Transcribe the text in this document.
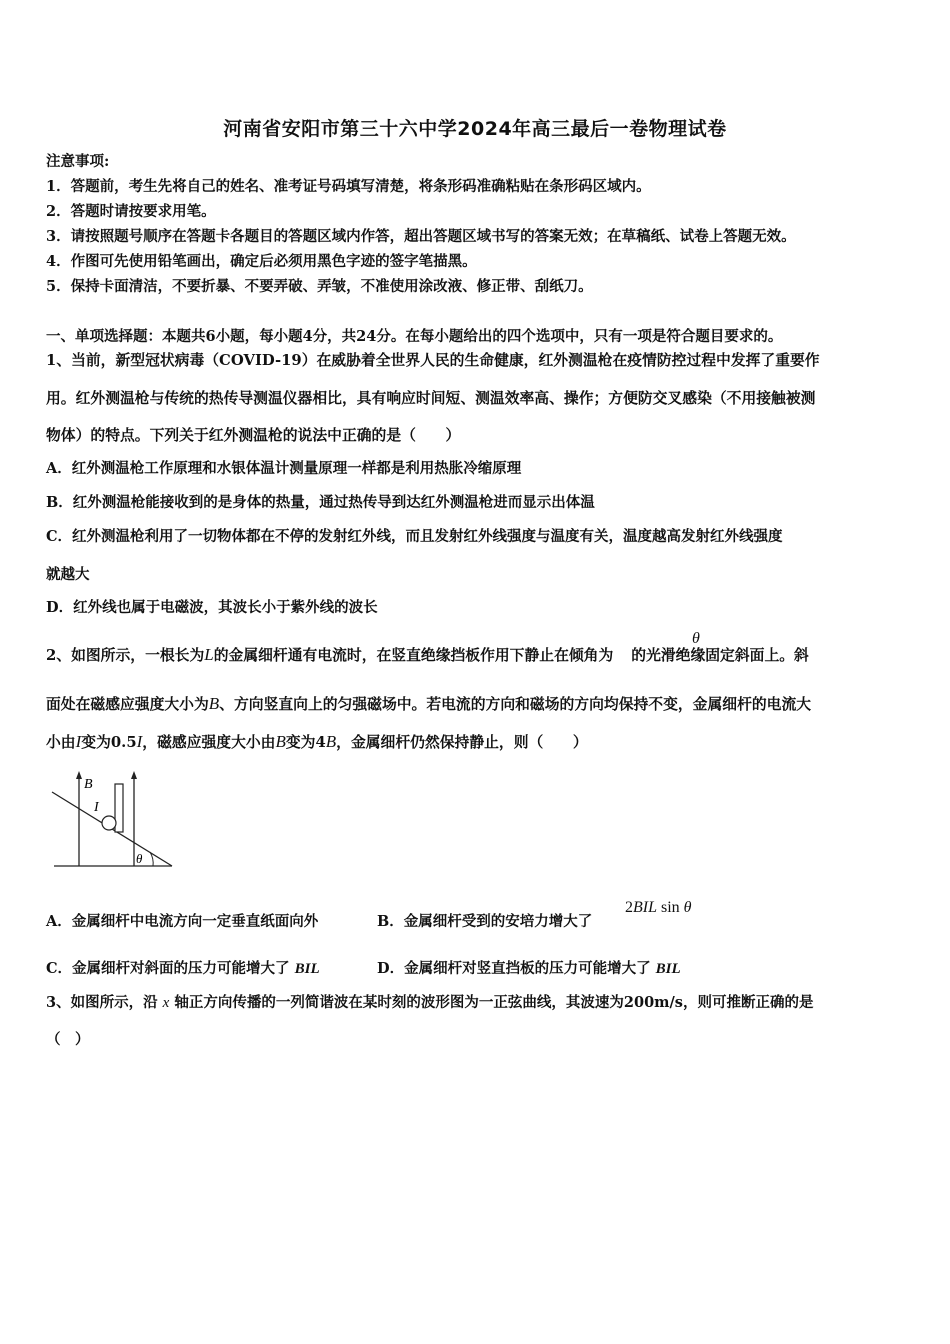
河南省安阳市第三十六中学2024年高三最后一卷物理试卷
注意事项:
1．答题前，考生先将自己的姓名、准考证号码填写清楚，将条形码准确粘贴在条形码区域内。
2．答题时请按要求用笔。
3．请按照题号顺序在答题卡各题目的答题区域内作答，超出答题区域书写的答案无效；在草稿纸、试卷上答题无效。
4．作图可先使用铅笔画出，确定后必须用黑色字迹的签字笔描黑。
5．保持卡面清洁，不要折暴、不要弄破、弄皱，不准使用涂改液、修正带、刮纸刀。
一、单项选择题：本题共6小题，每小题4分，共24分。在每小题给出的四个选项中，只有一项是符合题目要求的。
1、当前，新型冠状病毒（COVID-19）在威胁着全世界人民的生命健康，红外测温枪在疫情防控过程中发挥了重要作
用。红外测温枪与传统的热传导测温仪器相比，具有响应时间短、测温效率高、操作；方便防交叉感染（不用接触被测
物体）的特点。下列关于红外测温枪的说法中正确的是（　　）
A．红外测温枪工作原理和水银体温计测量原理一样都是利用热胀冷缩原理
B．红外测温枪能接收到的是身体的热量，通过热传导到达红外测温枪进而显示出体温
C．红外测温枪利用了一切物体都在不停的发射红外线，而且发射红外线强度与温度有关，温度越高发射红外线强度
就越大
D．红外线也属于电磁波，其波长小于紫外线的波长
2、如图所示，一根长为L的金属细杆通有电流时，在竖直绝缘挡板作用下静止在倾角为 的光滑绝缘固定斜面上。斜
θ
面处在磁感应强度大小为B、方向竖直向上的匀强磁场中。若电流的方向和磁场的方向均保持不变，金属细杆的电流大
小由I变为0.5I，磁感应强度大小由B变为4B，金属细杆仍然保持静止，则（　　）
B
I
θ
A．金属细杆中电流方向一定垂直纸面向外	B．金属细杆受到的安培力增大了
2BIL sin θ
C．金属细杆对斜面的压力可能增大了 BIL	D．金属细杆对竖直挡板的压力可能增大了 BIL
3、如图所示，沿 x 轴正方向传播的一列简谐波在某时刻的波形图为一正弦曲线，其波速为200m/s，则可推断正确的是
（　）
